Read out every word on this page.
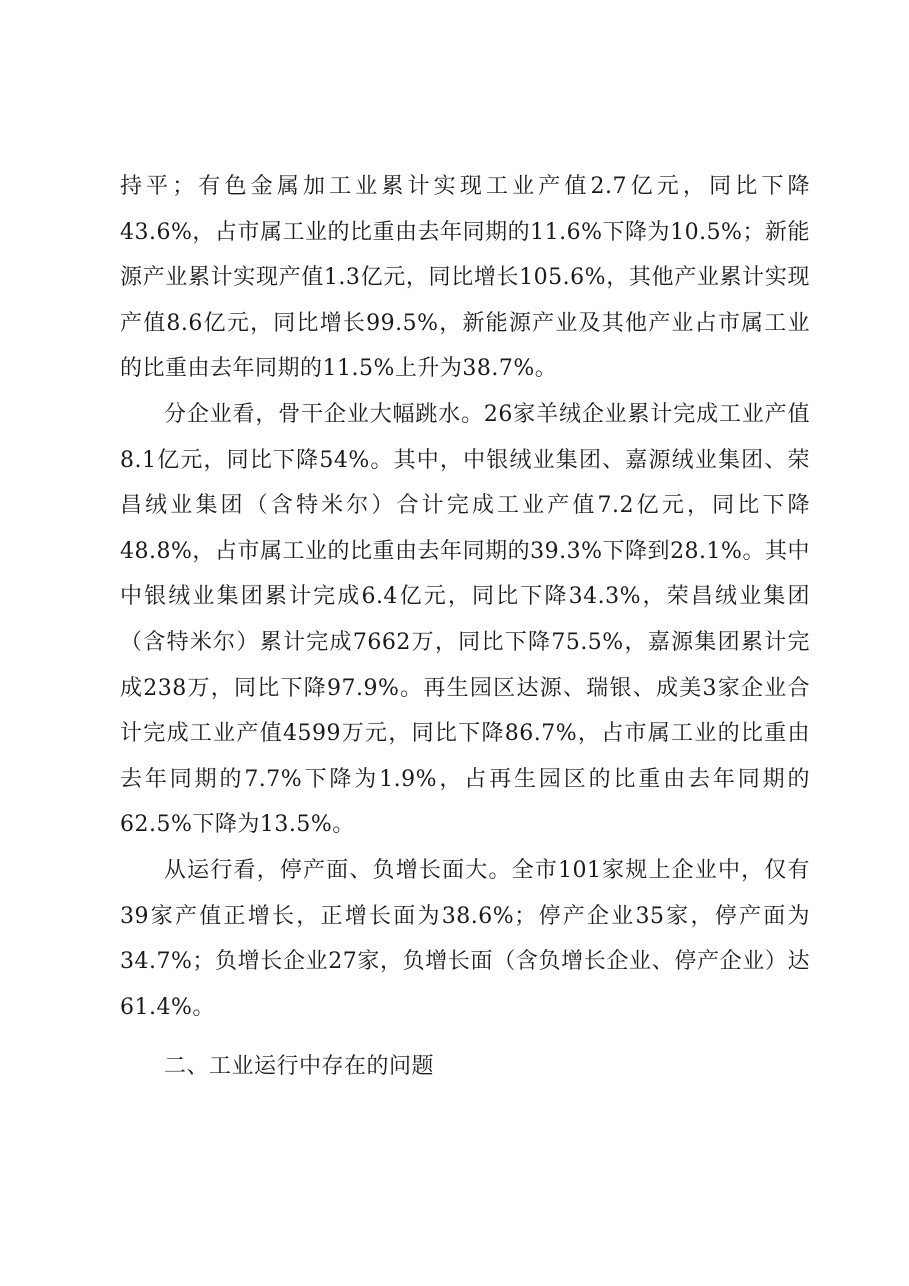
持平；有色金属加工业累计实现工业产值2.7亿元，同比下降43.6%，占市属工业的比重由去年同期的11.6%下降为10.5%；新能源产业累计实现产值1.3亿元，同比增长105.6%，其他产业累计实现产值8.6亿元，同比增长99.5%，新能源产业及其他产业占市属工业的比重由去年同期的11.5%上升为38.7%。

分企业看，骨干企业大幅跳水。26家羊绒企业累计完成工业产值8.1亿元，同比下降54%。其中，中银绒业集团、嘉源绒业集团、荣昌绒业集团（含特米尔）合计完成工业产值7.2亿元，同比下降48.8%，占市属工业的比重由去年同期的39.3%下降到28.1%。其中中银绒业集团累计完成6.4亿元，同比下降34.3%，荣昌绒业集团（含特米尔）累计完成7662万，同比下降75.5%，嘉源集团累计完成238万，同比下降97.9%。再生园区达源、瑞银、成美3家企业合计完成工业产值4599万元，同比下降86.7%，占市属工业的比重由去年同期的7.7%下降为1.9%，占再生园区的比重由去年同期的62.5%下降为13.5%。

从运行看，停产面、负增长面大。全市101家规上企业中，仅有39家产值正增长，正增长面为38.6%；停产企业35家，停产面为34.7%；负增长企业27家，负增长面（含负增长企业、停产企业）达61.4%。

二、工业运行中存在的问题
